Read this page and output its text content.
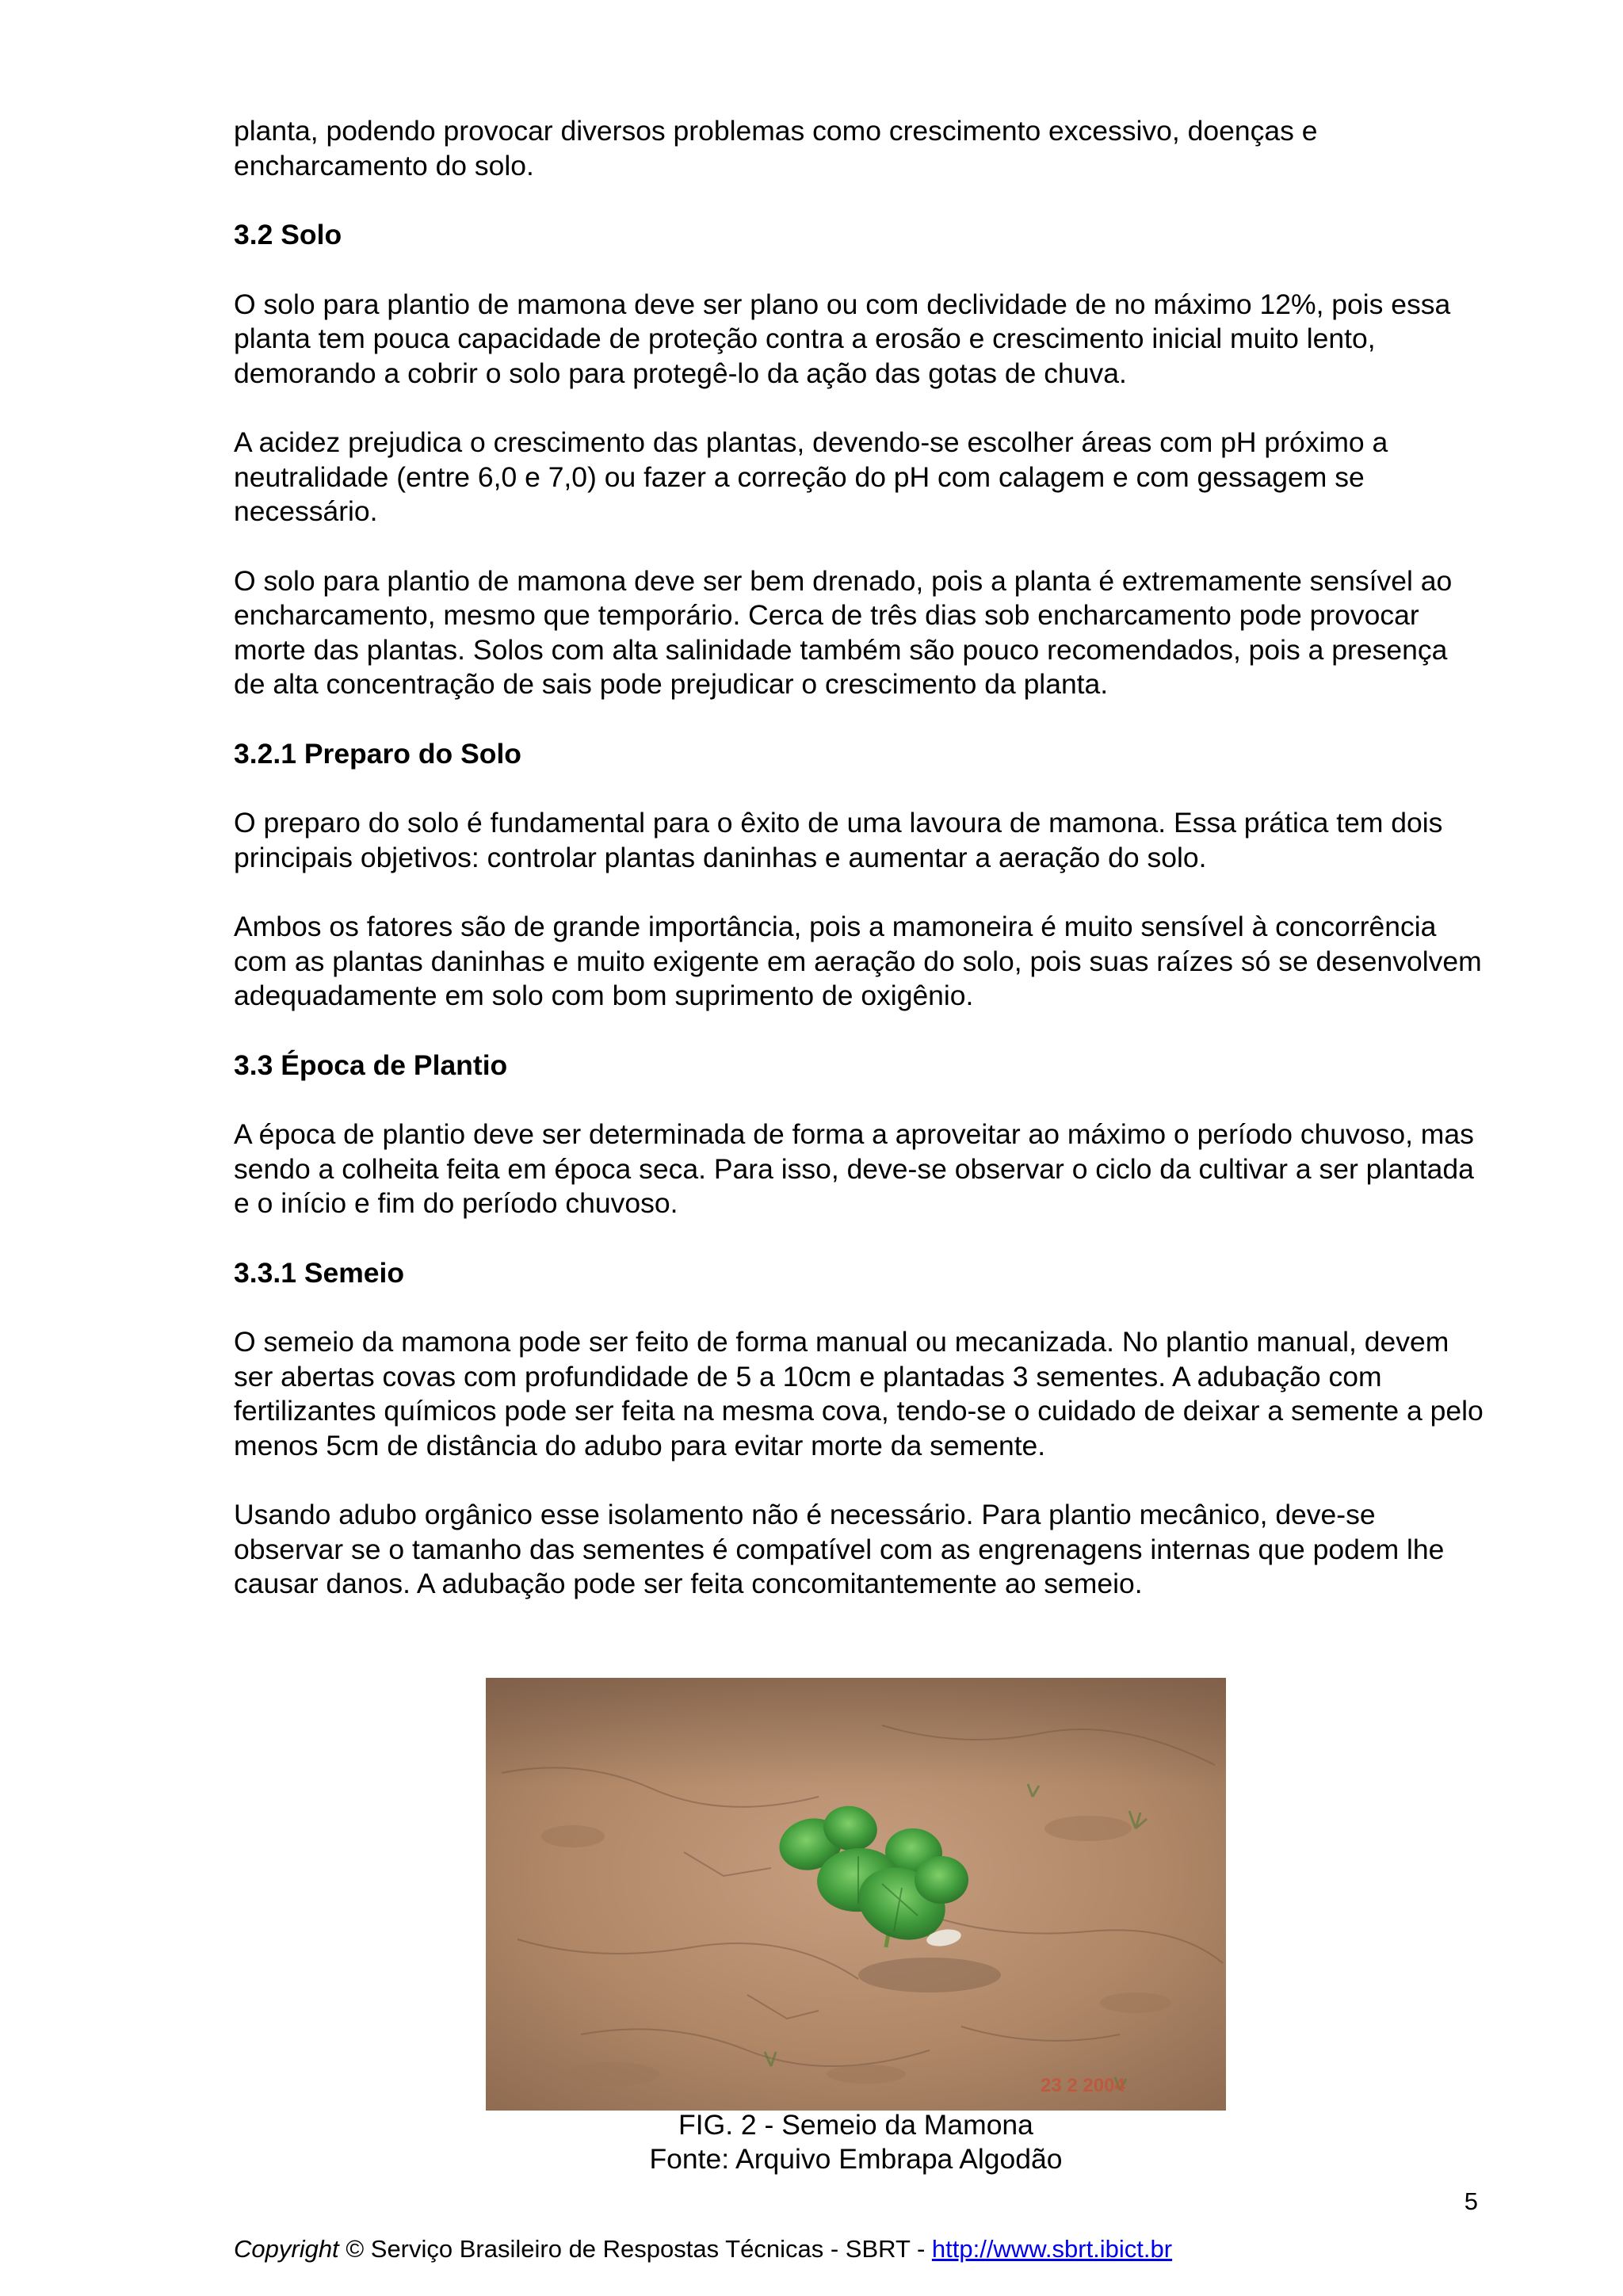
planta, podendo provocar diversos problemas como crescimento excessivo, doenças e encharcamento do solo.

3.2 Solo

O solo para plantio de mamona deve ser plano ou com declividade de no máximo 12%, pois essa planta tem pouca capacidade de proteção contra a erosão e crescimento inicial muito lento, demorando a cobrir o solo para protegê-lo da ação das gotas de chuva.

A acidez prejudica o crescimento das plantas, devendo-se escolher áreas com pH próximo a neutralidade (entre 6,0 e 7,0) ou fazer a correção do pH com calagem e com gessagem se necessário.

O solo para plantio de mamona deve ser bem drenado, pois a planta é extremamente sensível ao encharcamento, mesmo que temporário. Cerca de três dias sob encharcamento pode provocar morte das plantas. Solos com alta salinidade também são pouco recomendados, pois a presença de alta concentração de sais pode prejudicar o crescimento da planta.

3.2.1 Preparo do Solo

O preparo do solo é fundamental para o êxito de uma lavoura de mamona. Essa prática tem dois principais objetivos: controlar plantas daninhas e aumentar a aeração do solo.

Ambos os fatores são de grande importância, pois a mamoneira é muito sensível à concorrência com as plantas daninhas e muito exigente em aeração do solo, pois suas raízes só se desenvolvem adequadamente em solo com bom suprimento de oxigênio.

3.3 Época de Plantio

A época de plantio deve ser determinada de forma a aproveitar ao máximo o período chuvoso, mas sendo a colheita feita em época seca. Para isso, deve-se observar o ciclo da cultivar a ser plantada e o início e fim do período chuvoso.

3.3.1 Semeio

O semeio da mamona pode ser feito de forma manual ou mecanizada. No plantio manual, devem ser abertas covas com profundidade de 5 a 10cm e plantadas 3 sementes. A adubação com fertilizantes químicos pode ser feita na mesma cova, tendo-se o cuidado de deixar a semente a pelo menos 5cm de distância do adubo para evitar morte da semente.

Usando adubo orgânico esse isolamento não é necessário. Para plantio mecânico, deve-se observar se o tamanho das sementes é compatível com as engrenagens internas que podem lhe causar danos. A adubação pode ser feita concomitantemente ao semeio.

23 2 2004
FIG. 2 - Semeio da Mamona
Fonte: Arquivo Embrapa Algodão
5
Copyright © Serviço Brasileiro de Respostas Técnicas - SBRT - http://www.sbrt.ibict.br
